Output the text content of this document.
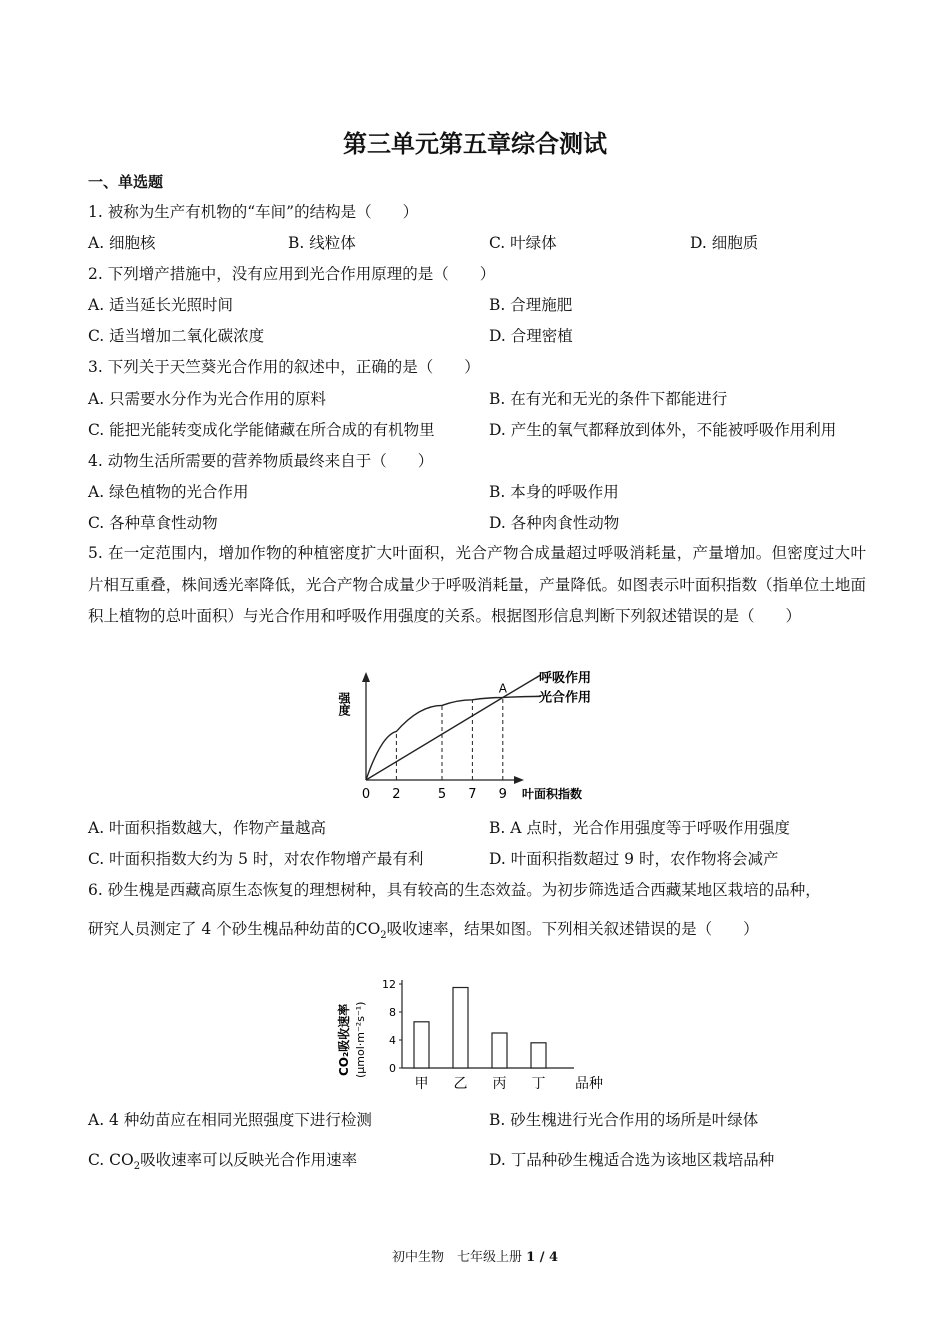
第三单元第五章综合测试
一、单选题
1. 被称为生产有机物的“车间”的结构是（　　）
A. 细胞核	B. 线粒体	C. 叶绿体	D. 细胞质
2. 下列增产措施中，没有应用到光合作用原理的是（　　）
A. 适当延长光照时间	B. 合理施肥
C. 适当增加二氧化碳浓度	D. 合理密植
3. 下列关于天竺葵光合作用的叙述中，正确的是（　　）
A. 只需要水分作为光合作用的原料	B. 在有光和无光的条件下都能进行
C. 能把光能转变成化学能储藏在所合成的有机物里	D. 产生的氧气都释放到体外，不能被呼吸作用利用
4. 动物生活所需要的营养物质最终来自于（　　）
A. 绿色植物的光合作用	B. 本身的呼吸作用
C. 各种草食性动物	D. 各种肉食性动物
5. 在一定范围内，增加作物的种植密度扩大叶面积，光合产物合成量超过呼吸消耗量，产量增加。但密度过大叶片相互重叠，株间透光率降低，光合产物合成量少于呼吸消耗量，产量降低。如图表示叶面积指数（指单位土地面积上植物的总叶面积）与光合作用和呼吸作用强度的关系。根据图形信息判断下列叙述错误的是（　　）
0 2	5 7 9
强度
叶面积指数
A
呼吸作用
光合作用
A. 叶面积指数越大，作物产量越高	B. A 点时，光合作用强度等于呼吸作用强度
C. 叶面积指数大约为 5 时，对农作物增产最有利	D. 叶面积指数超过 9 时，农作物将会减产
6. 砂生槐是西藏高原生态恢复的理想树种，具有较高的生态效益。为初步筛选适合西藏某地区栽培的品种，
研究人员测定了 4 个砂生槐品种幼苗的$CO_2$吸收速率，结果如图。下列相关叙述错误的是（　　）
0
4
8
12
甲 乙 丙 丁
CO₂吸收速率 (μmol·m⁻²s⁻¹)
品种
A. 4 种幼苗应在相同光照强度下进行检测	B. 砂生槐进行光合作用的场所是叶绿体
C. $CO_2$吸收速率可以反映光合作用速率	D. 丁品种砂生槐适合选为该地区栽培品种
初中生物　七年级上册 1 / 4
